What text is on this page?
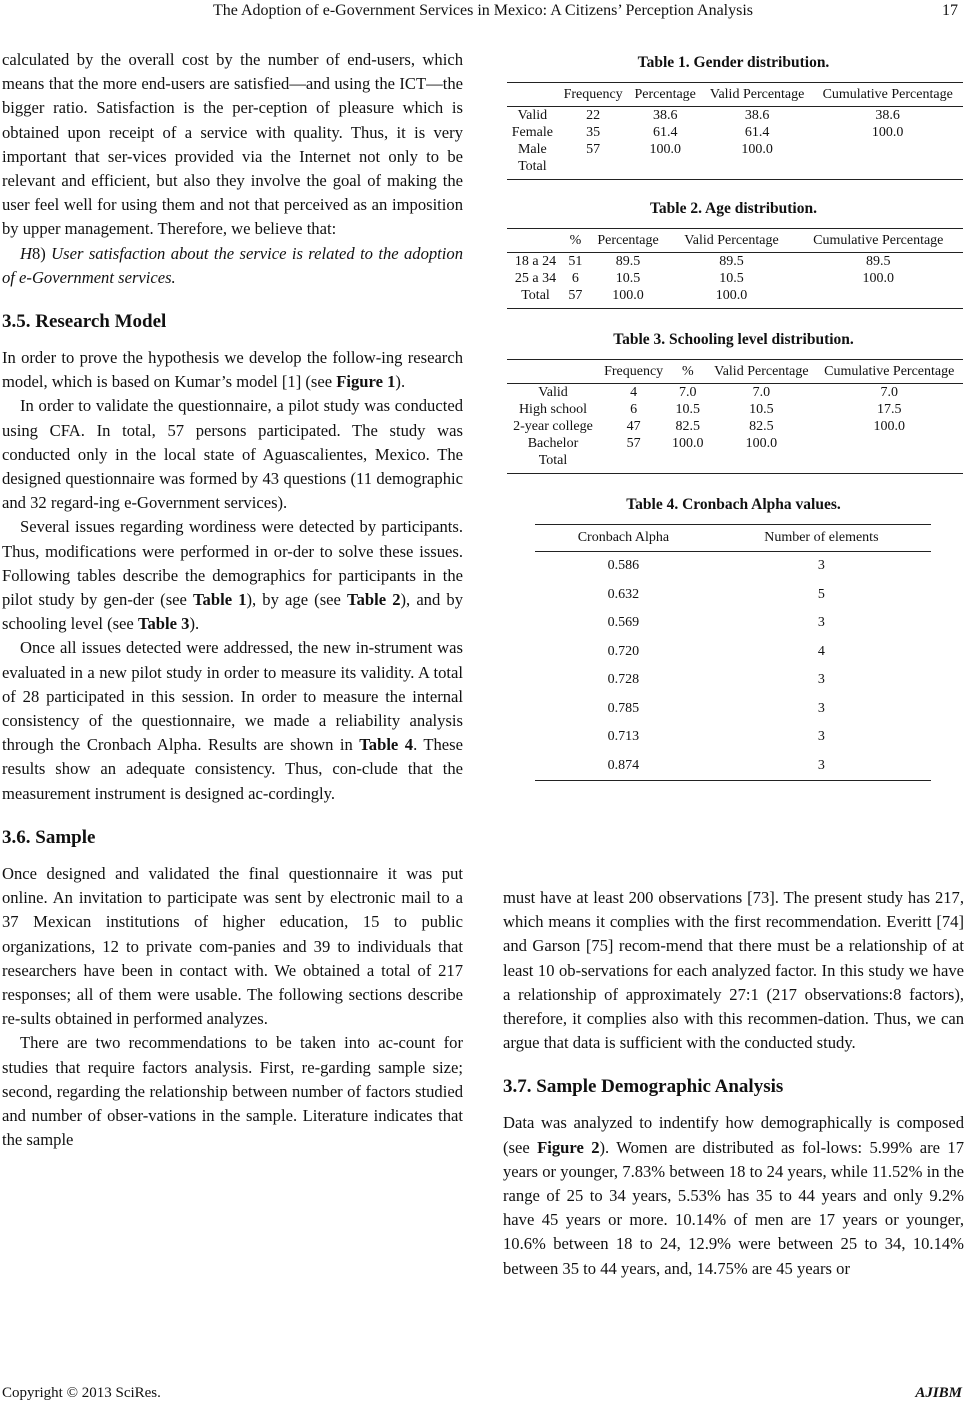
The Adoption of e-Government Services in Mexico: A Citizens’ Perception Analysis	17

calculated by the overall cost by the number of end-users, which means that the more end-users are satisfied—and using the ICT—the bigger ratio. Satisfaction is the per-ception of pleasure which is obtained upon receipt of a service with quality. Thus, it is very important that ser-vices provided via the Internet not only to be relevant and efficient, but also they involve the goal of making the user feel well for using them and not that perceived as an imposition by upper management. Therefore, we believe that:

H8) User satisfaction about the service is related to the adoption of e-Government services.

3.5. Research Model

In order to prove the hypothesis we develop the follow-ing research model, which is based on Kumar’s model [1] (see Figure 1).

In order to validate the questionnaire, a pilot study was conducted using CFA. In total, 57 persons participated. The study was conducted only in the local state of Aguascalientes, Mexico. The designed questionnaire was formed by 43 questions (11 demographic and 32 regard-ing e-Government services).

Several issues regarding wordiness were detected by participants. Thus, modifications were performed in or-der to solve these issues. Following tables describe the demographics for participants in the pilot study by gen-der (see Table 1), by age (see Table 2), and by schooling level (see Table 3).

Once all issues detected were addressed, the new in-strument was evaluated in a new pilot study in order to measure its validity. A total of 28 participated in this session. In order to measure the internal consistency of the questionnaire, we made a reliability analysis through the Cronbach Alpha. Results are shown in Table 4. These results show an adequate consistency. Thus, con-clude that the measurement instrument is designed ac-cordingly.

3.6. Sample

Once designed and validated the final questionnaire it was put online. An invitation to participate was sent by electronic mail to a 37 Mexican institutions of higher education, 15 to public organizations, 12 to private com-panies and 39 to individuals that researchers have been in contact with. We obtained a total of 217 responses; all of them were usable. The following sections describe re-sults obtained in performed analyzes.

There are two recommendations to be taken into ac-count for studies that require factors analysis. First, re-garding sample size; second, regarding the relationship between number of factors studied and number of obser-vations in the sample. Literature indicates that the sample

Table 1. Gender distribution.
	Frequency	Percentage	Valid Percentage	Cumulative Percentage
Valid	22	38.6	38.6	38.6
Female	35	61.4	61.4	100.0
Male	57	100.0	100.0	
Total				
Table 2. Age distribution.
	%	Percentage	Valid Percentage	Cumulative Percentage
18 a 24	51	89.5	89.5	89.5
25 a 34	6	10.5	10.5	100.0
Total	57	100.0	100.0	
Table 3. Schooling level distribution.
	Frequency	%	Valid Percentage	Cumulative Percentage
Valid	4	7.0	7.0	7.0
High school	6	10.5	10.5	17.5
2-year college	47	82.5	82.5	100.0
Bachelor	57	100.0	100.0	
Total				
Table 4. Cronbach Alpha values.
Cronbach Alpha	Number of elements
0.586	3
0.632	5
0.569	3
0.720	4
0.728	3
0.785	3
0.713	3
0.874	3

must have at least 200 observations [73]. The present study has 217, which means it complies with the first recommendation. Everitt [74] and Garson [75] recom-mend that there must be a relationship of at least 10 ob-servations for each analyzed factor. In this study we have a relationship of approximately 27:1 (217 observations:8 factors), therefore, it complies also with this recommen-dation. Thus, we can argue that data is sufficient with the conducted study.

3.7. Sample Demographic Analysis

Data was analyzed to indentify how demographically is composed (see Figure 2). Women are distributed as fol-lows: 5.99% are 17 years or younger, 7.83% between 18 to 24 years, while 11.52% in the range of 25 to 34 years, 5.53% has 35 to 44 years and only 9.2% have 45 years or more. 10.14% of men are 17 years or younger, 10.6% between 18 to 24, 12.9% were between 25 to 34, 10.14% between 35 to 44 years, and, 14.75% are 45 years or

Copyright © 2013 SciRes.	AJIBM
